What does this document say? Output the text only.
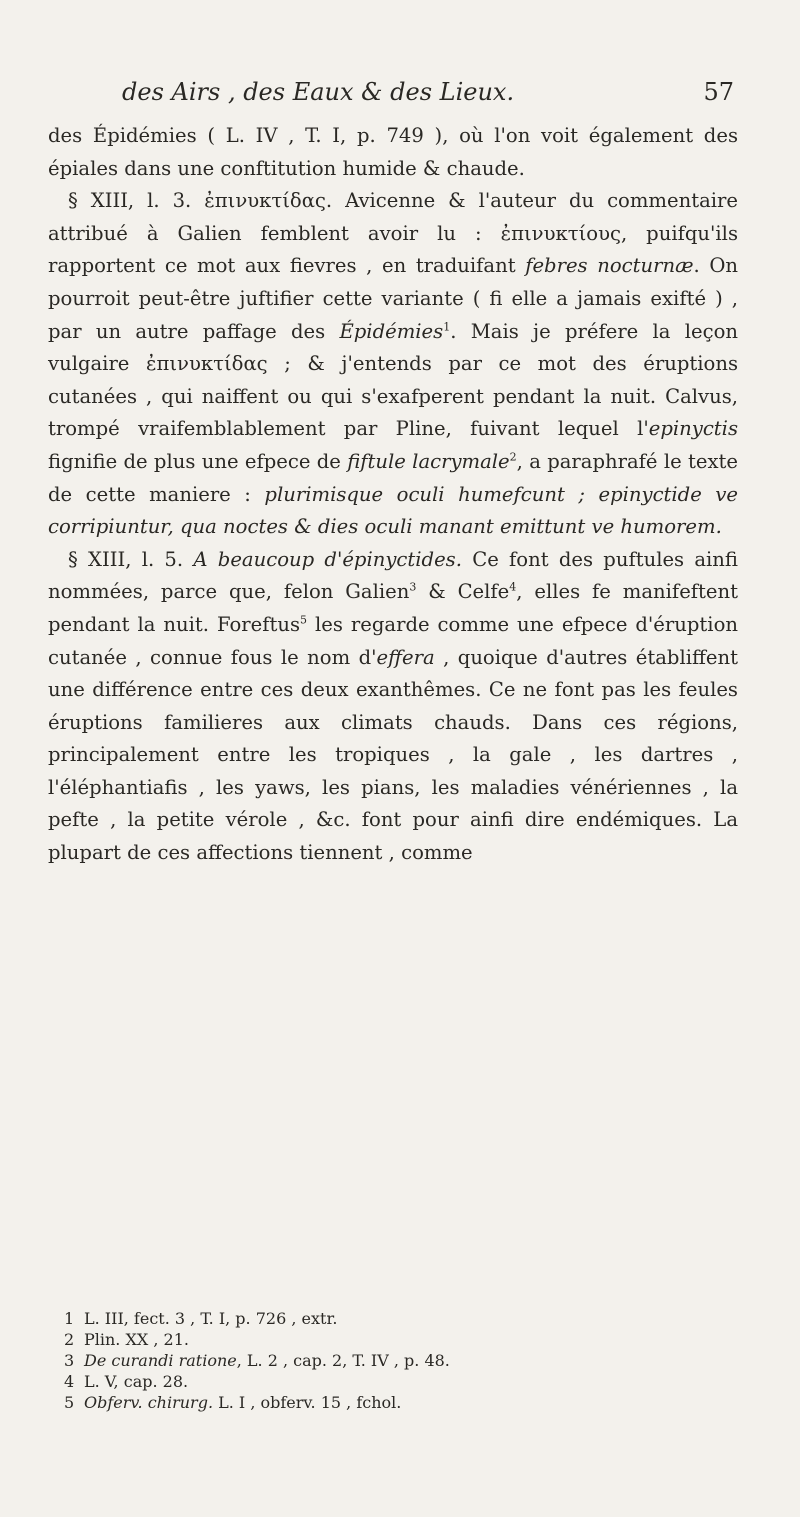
des Airs , des Eaux & des Lieux.	57

des Épidémies ( L. IV , T. I, p. 749 ), où l'on voit également des épiales dans une conftitution humide & chaude.

§ XIII, l. 3. ἐπινυκτίδας. Avicenne & l'auteur du commentaire attribué à Galien femblent avoir lu : ἐπινυκτίους, puifqu'ils rapportent ce mot aux fievres , en traduifant febres nocturnæ. On pourroit peut-être juftifier cette variante ( fi elle a jamais exifté ) , par un autre paffage des Épidémies$^1$. Mais je préfere la leçon vulgaire ἐπινυκτίδας ; & j'entends par ce mot des éruptions cutanées , qui naiffent ou qui s'exafperent pendant la nuit. Calvus, trompé vraifemblablement par Pline, fuivant lequel l'epinyctis fignifie de plus une efpece de fiftule lacrymale$^2$, a paraphrafé le texte de cette maniere : plurimisque oculi humefcunt ; epinyctide ve corripiuntur, qua noctes & dies oculi manant emittunt ve humorem.

§ XIII, l. 5. A beaucoup d'épinyctides. Ce font des puftules ainfi nommées, parce que, felon Galien$^3$ & Celfe$^4$, elles fe manifeftent pendant la nuit. Foreftus$^5$ les regarde comme une efpece d'éruption cutanée , connue fous le nom d'effera , quoique d'autres établiffent une différence entre ces deux exanthêmes. Ce ne font pas les feules éruptions familieres aux climats chauds. Dans ces régions, principalement entre les tropiques , la gale , les dartres , l'éléphantiafis , les yaws, les pians, les maladies vénériennes , la pefte , la petite vérole , &c. font pour ainfi dire endémiques. La plupart de ces affections tiennent , comme

1 L. III, fect. 3 , T. I, p. 726 , extr.
2 Plin. XX , 21.
3 De curandi ratione, L. 2 , cap. 2, T. IV , p. 48.
4 L. V, cap. 28.
5 Obferv. chirurg. L. I , obferv. 15 , fchol.
